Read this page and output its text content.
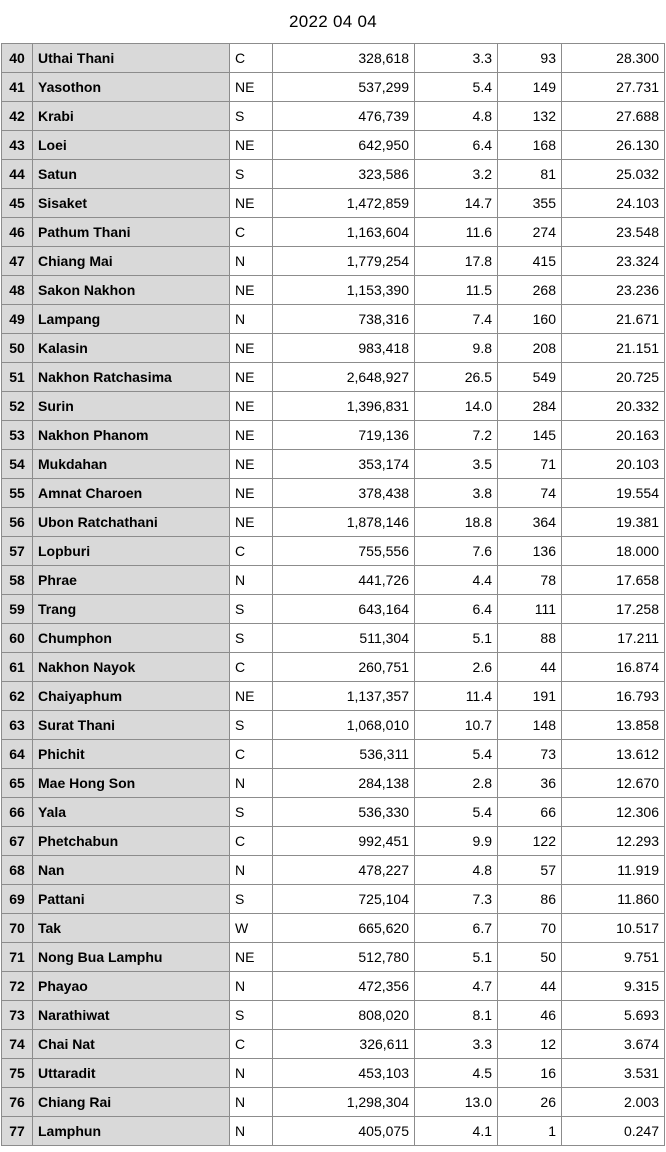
2022 04 04
40	Uthai Thani	C	328,618	3.3	93	28.300
41	Yasothon	NE	537,299	5.4	149	27.731
42	Krabi	S	476,739	4.8	132	27.688
43	Loei	NE	642,950	6.4	168	26.130
44	Satun	S	323,586	3.2	81	25.032
45	Sisaket	NE	1,472,859	14.7	355	24.103
46	Pathum Thani	C	1,163,604	11.6	274	23.548
47	Chiang Mai	N	1,779,254	17.8	415	23.324
48	Sakon Nakhon	NE	1,153,390	11.5	268	23.236
49	Lampang	N	738,316	7.4	160	21.671
50	Kalasin	NE	983,418	9.8	208	21.151
51	Nakhon Ratchasima	NE	2,648,927	26.5	549	20.725
52	Surin	NE	1,396,831	14.0	284	20.332
53	Nakhon Phanom	NE	719,136	7.2	145	20.163
54	Mukdahan	NE	353,174	3.5	71	20.103
55	Amnat Charoen	NE	378,438	3.8	74	19.554
56	Ubon Ratchathani	NE	1,878,146	18.8	364	19.381
57	Lopburi	C	755,556	7.6	136	18.000
58	Phrae	N	441,726	4.4	78	17.658
59	Trang	S	643,164	6.4	111	17.258
60	Chumphon	S	511,304	5.1	88	17.211
61	Nakhon Nayok	C	260,751	2.6	44	16.874
62	Chaiyaphum	NE	1,137,357	11.4	191	16.793
63	Surat Thani	S	1,068,010	10.7	148	13.858
64	Phichit	C	536,311	5.4	73	13.612
65	Mae Hong Son	N	284,138	2.8	36	12.670
66	Yala	S	536,330	5.4	66	12.306
67	Phetchabun	C	992,451	9.9	122	12.293
68	Nan	N	478,227	4.8	57	11.919
69	Pattani	S	725,104	7.3	86	11.860
70	Tak	W	665,620	6.7	70	10.517
71	Nong Bua Lamphu	NE	512,780	5.1	50	9.751
72	Phayao	N	472,356	4.7	44	9.315
73	Narathiwat	S	808,020	8.1	46	5.693
74	Chai Nat	C	326,611	3.3	12	3.674
75	Uttaradit	N	453,103	4.5	16	3.531
76	Chiang Rai	N	1,298,304	13.0	26	2.003
77	Lamphun	N	405,075	4.1	1	0.247
